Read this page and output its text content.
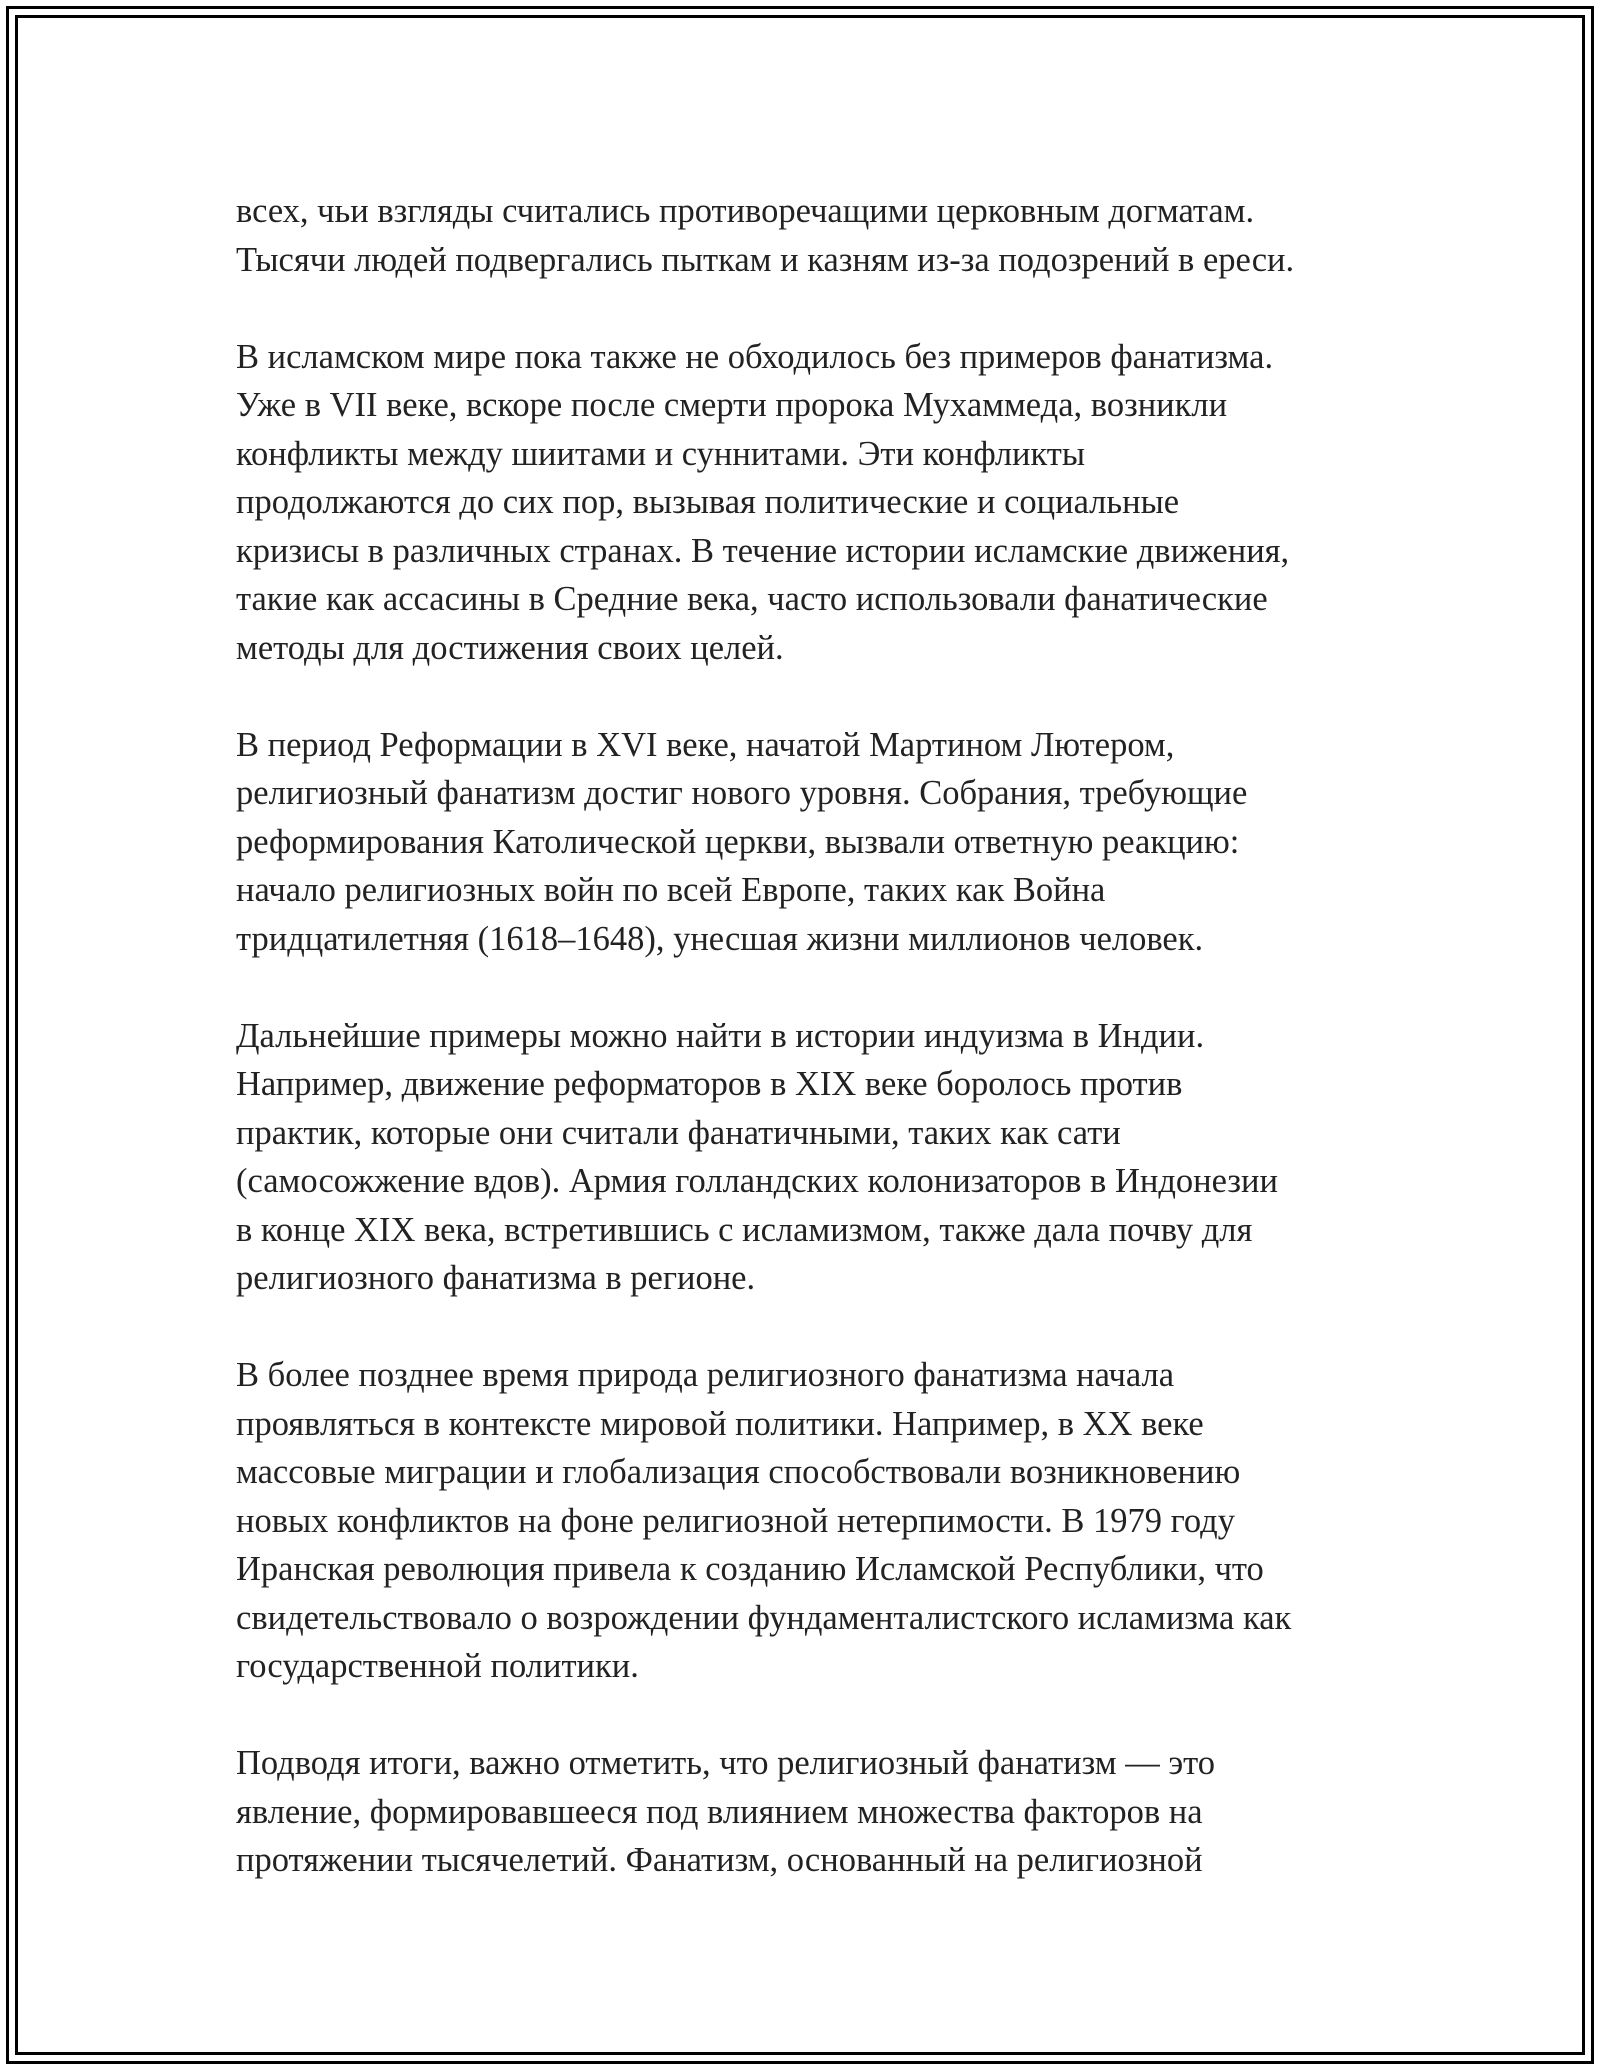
всех, чьи взгляды считались противоречащими церковным догматам.
Тысячи людей подвергались пыткам и казням из-за подозрений в ереси.
В исламском мире пока также не обходилось без примеров фанатизма.
Уже в VII веке, вскоре после смерти пророка Мухаммеда, возникли
конфликты между шиитами и суннитами. Эти конфликты
продолжаются до сих пор, вызывая политические и социальные
кризисы в различных странах. В течение истории исламские движения,
такие как ассасины в Средние века, часто использовали фанатические
методы для достижения своих целей.
В период Реформации в XVI веке, начатой Мартином Лютером,
религиозный фанатизм достиг нового уровня. Собрания, требующие
реформирования Католической церкви, вызвали ответную реакцию:
начало религиозных войн по всей Европе, таких как Война
тридцатилетняя (1618–1648), унесшая жизни миллионов человек.
Дальнейшие примеры можно найти в истории индуизма в Индии.
Например, движение реформаторов в XIX веке боролось против
практик, которые они считали фанатичными, таких как сати
(самосожжение вдов). Армия голландских колонизаторов в Индонезии
в конце XIX века, встретившись с исламизмом, также дала почву для
религиозного фанатизма в регионе.
В более позднее время природа религиозного фанатизма начала
проявляться в контексте мировой политики. Например, в XX веке
массовые миграции и глобализация способствовали возникновению
новых конфликтов на фоне религиозной нетерпимости. В 1979 году
Иранская революция привела к созданию Исламской Республики, что
свидетельствовало о возрождении фундаменталистского исламизма как
государственной политики.
Подводя итоги, важно отметить, что религиозный фанатизм — это
явление, формировавшееся под влиянием множества факторов на
протяжении тысячелетий. Фанатизм, основанный на религиозной
